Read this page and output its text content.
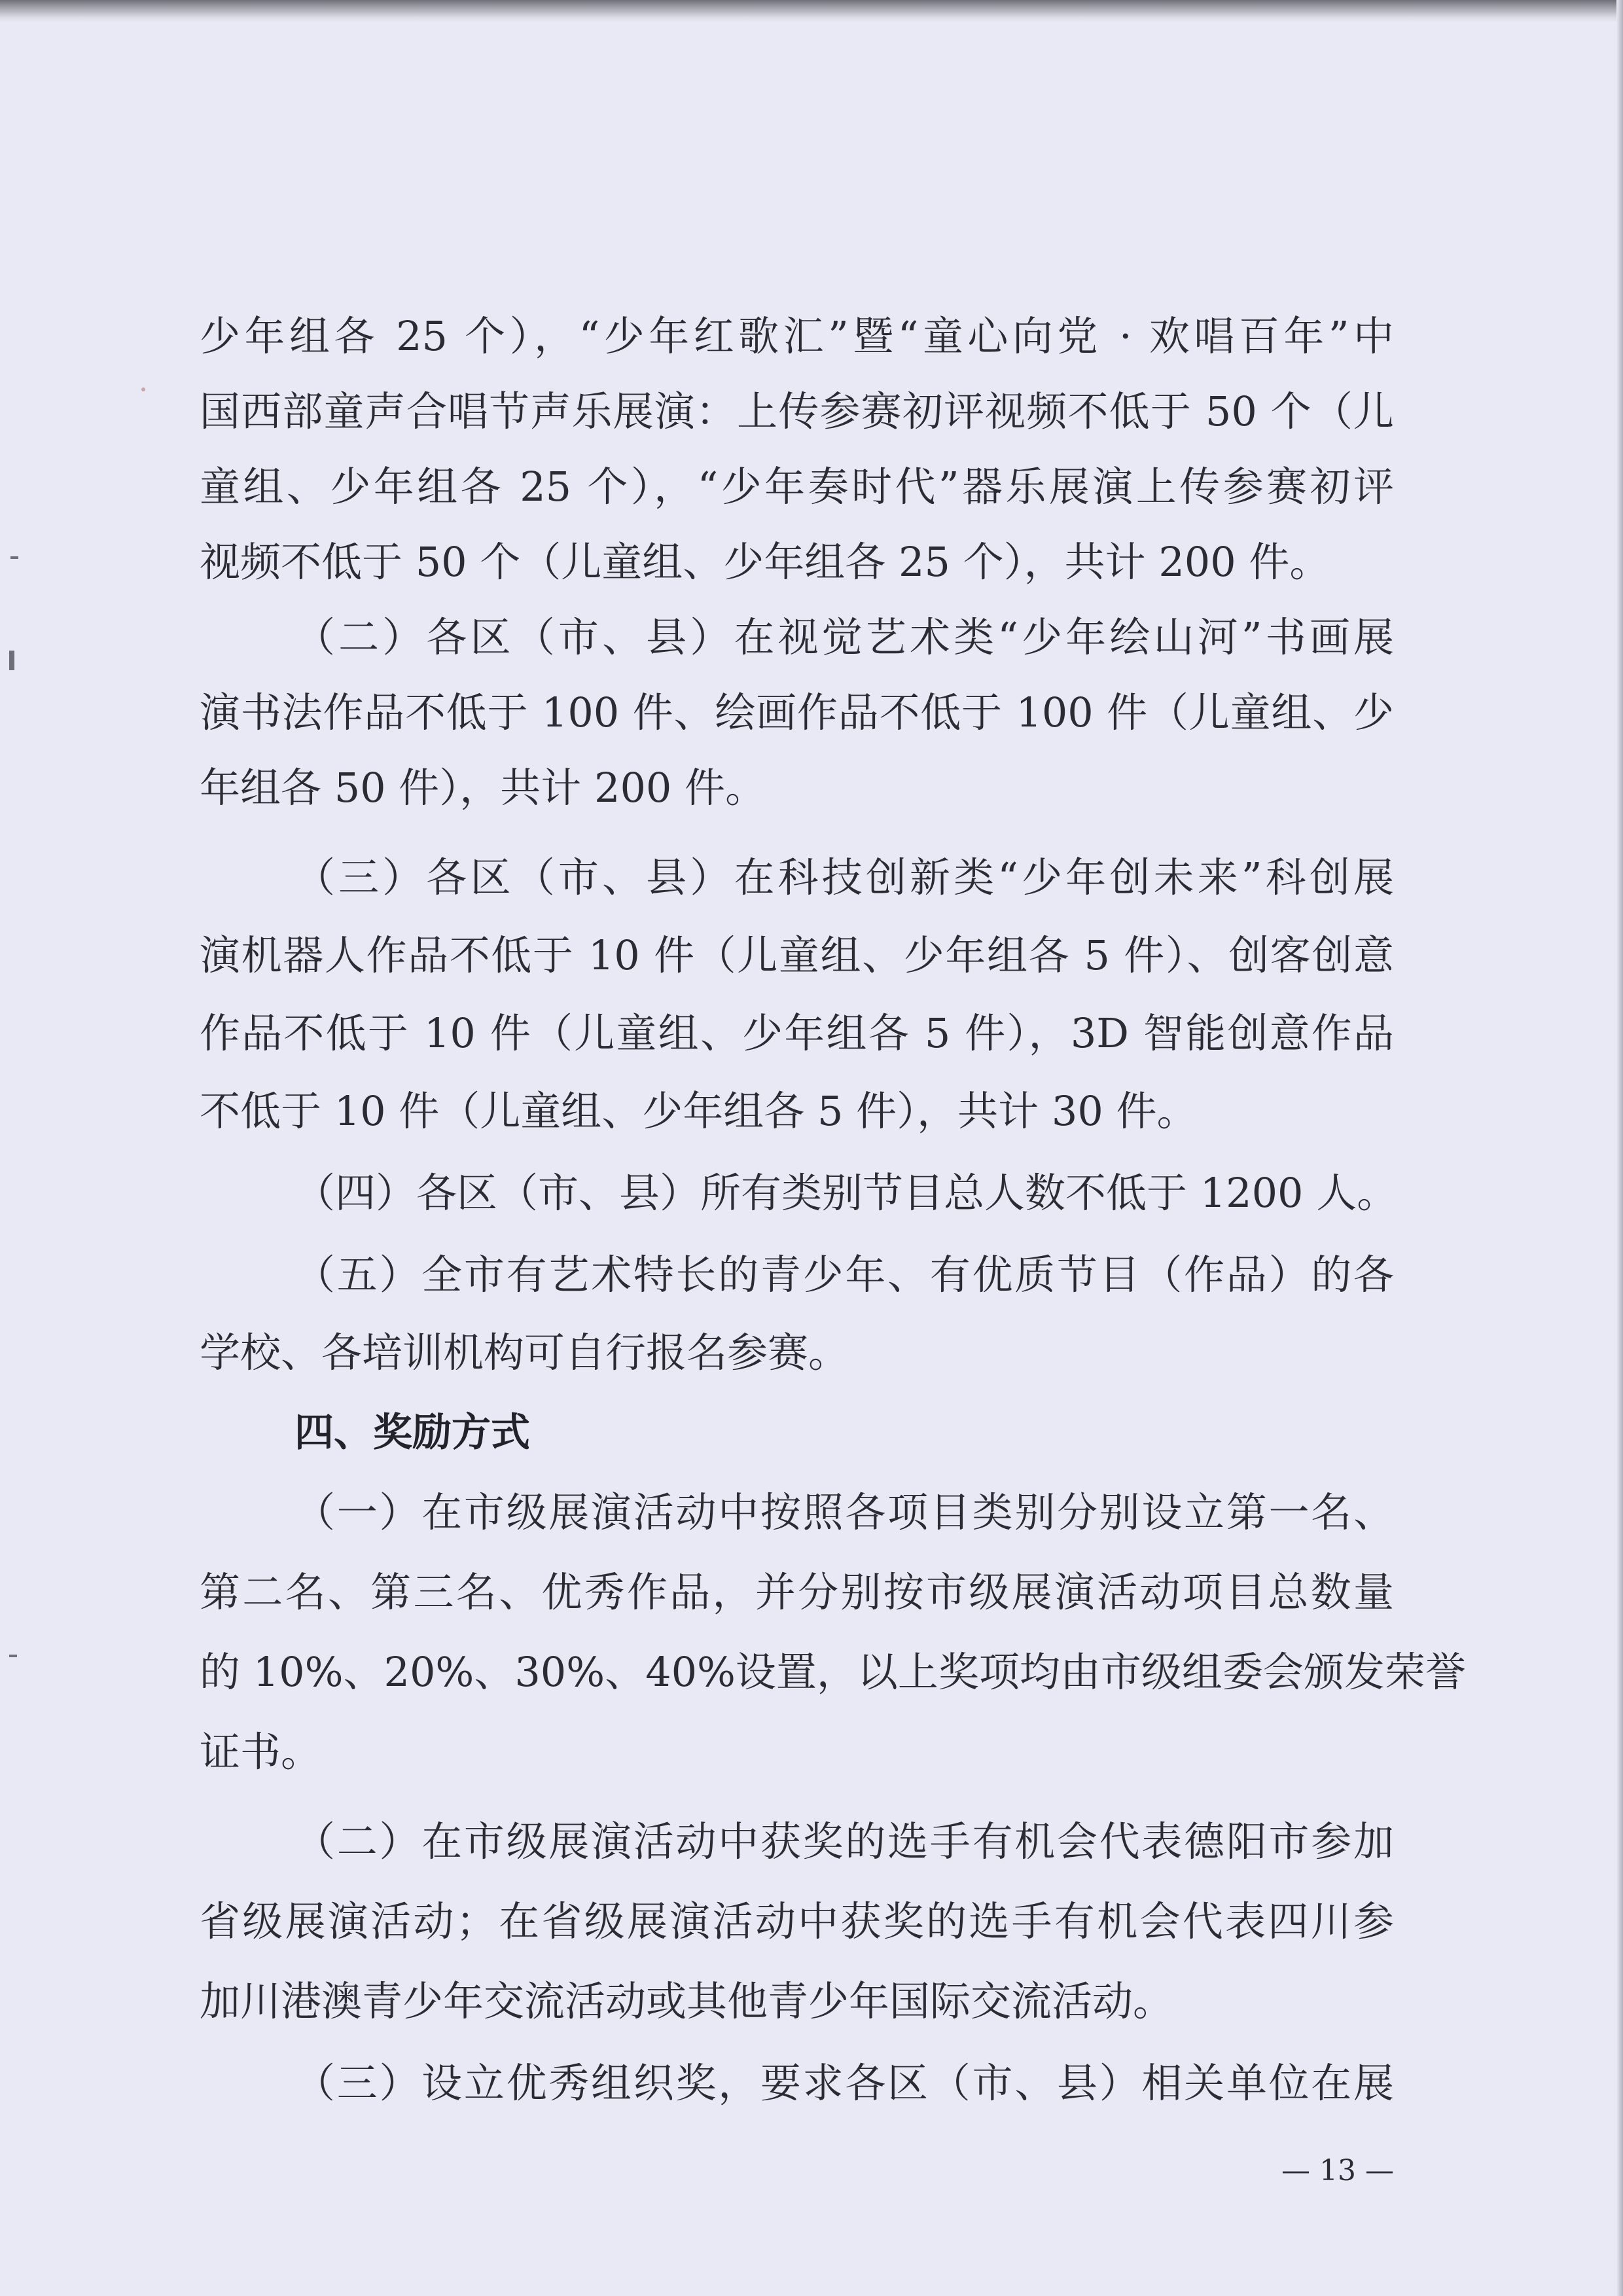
少年组各 25 个），“少年红歌汇”暨“童心向党 · 欢唱百年”中
国西部童声合唱节声乐展演：上传参赛初评视频不低于 50 个（儿
童组、少年组各 25 个），“少年奏时代”器乐展演上传参赛初评
视频不低于 50 个（儿童组、少年组各 25 个），共计 200 件。
（二）各区（市、县）在视觉艺术类“少年绘山河”书画展
演书法作品不低于 100 件、绘画作品不低于 100 件（儿童组、少
年组各 50 件），共计 200 件。
（三）各区（市、县）在科技创新类“少年创未来”科创展
演机器人作品不低于 10 件（儿童组、少年组各 5 件）、创客创意
作品不低于 10 件（儿童组、少年组各 5 件），3D 智能创意作品
不低于 10 件（儿童组、少年组各 5 件），共计 30 件。
（四）各区（市、县）所有类别节目总人数不低于 1200 人。
（五）全市有艺术特长的青少年、有优质节目（作品）的各
学校、各培训机构可自行报名参赛。
四、奖励方式
（一）在市级展演活动中按照各项目类别分别设立第一名、
第二名、第三名、优秀作品，并分别按市级展演活动项目总数量
的 10%、20%、30%、40%设置，以上奖项均由市级组委会颁发荣誉
证书。
（二）在市级展演活动中获奖的选手有机会代表德阳市参加
省级展演活动；在省级展演活动中获奖的选手有机会代表四川参
加川港澳青少年交流活动或其他青少年国际交流活动。
（三）设立优秀组织奖，要求各区（市、县）相关单位在展
— 13 —
